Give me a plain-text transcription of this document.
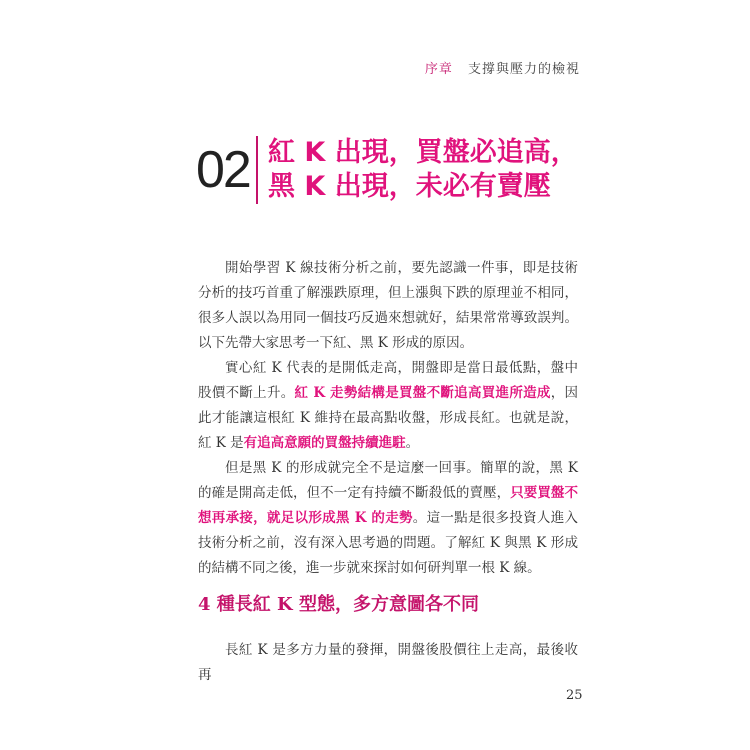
序章 支撐與壓力的檢視
02 紅 K 出現，買盤必追高，
黑 K 出現，未必有賣壓

開始學習 K 線技術分析之前，要先認識一件事，即是技術分析的技巧首重了解漲跌原理，但上漲與下跌的原理並不相同，很多人誤以為用同一個技巧反過來想就好，結果常常導致誤判。以下先帶大家思考一下紅、黑 K 形成的原因。

實心紅 K 代表的是開低走高，開盤即是當日最低點，盤中股價不斷上升。紅 K 走勢結構是買盤不斷追高買進所造成，因此才能讓這根紅 K 維持在最高點收盤，形成長紅。也就是說，紅 K 是有追高意願的買盤持續進駐。

但是黑 K 的形成就完全不是這麼一回事。簡單的說，黑 K 的確是開高走低，但不一定有持續不斷殺低的賣壓，只要買盤不想再承接，就足以形成黑 K 的走勢。這一點是很多投資人進入技術分析之前，沒有深入思考過的問題。了解紅 K 與黑 K 形成的結構不同之後，進一步就來探討如何研判單一根 K 線。

4 種長紅 K 型態，多方意圖各不同

長紅 K 是多方力量的發揮，開盤後股價往上走高，最後收再

25
